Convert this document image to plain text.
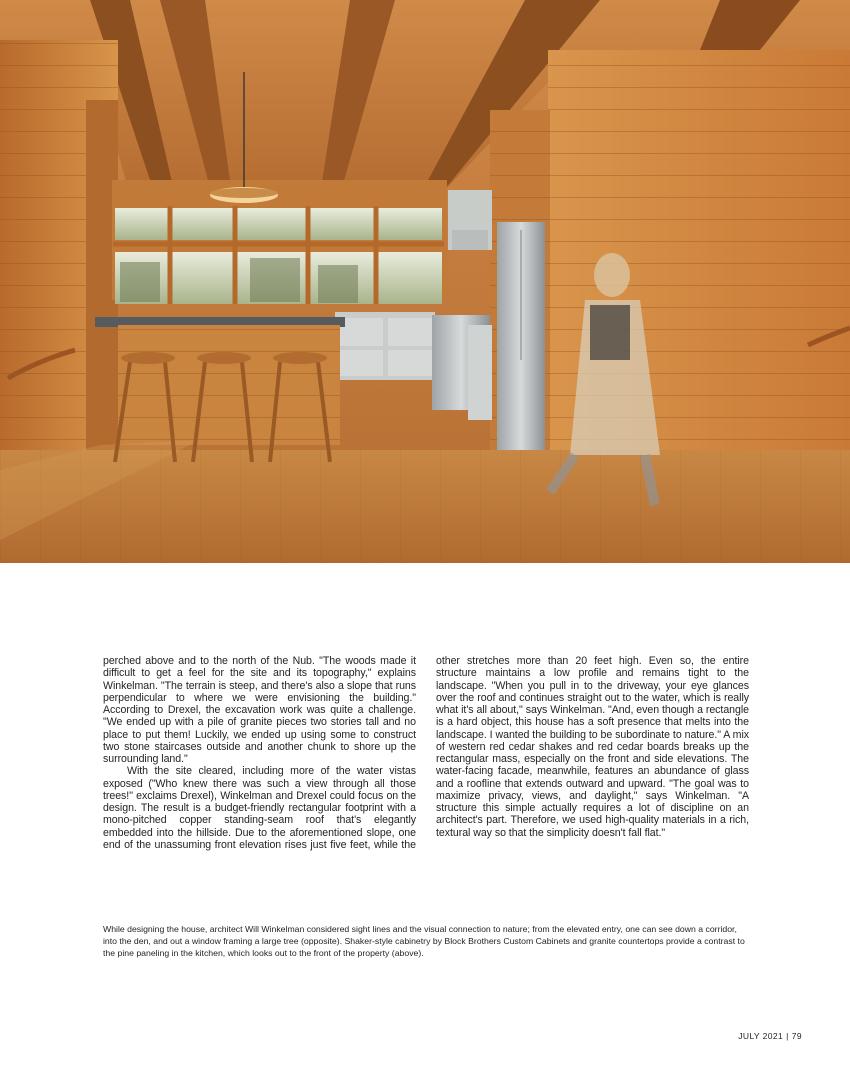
perched above and to the north of the Nub. "The woods made it difficult to get a feel for the site and its topography," explains Winkelman. "The terrain is steep, and there's also a slope that runs perpendicular to where we were envisioning the building." According to Drexel, the excavation work was quite a challenge. "We ended up with a pile of granite pieces two stories tall and no place to put them! Luckily, we ended up using some to construct two stone staircases outside and another chunk to shore up the surrounding land."

With the site cleared, including more of the water vistas exposed ("Who knew there was such a view through all those trees!" exclaims Drexel), Winkelman and Drexel could focus on the design. The result is a budget-friendly rectangular footprint with a mono-pitched copper standing-seam roof that's elegantly embedded into the hillside. Due to the aforementioned slope, one end of the unassuming front elevation rises just five feet, while the other stretches more than 20 feet high. Even so, the entire structure maintains a low profile and remains tight to the landscape. "When you pull in to the driveway, your eye glances over the roof and continues straight out to the water, which is really what it's all about," says Winkelman. "And, even though a rectangle is a hard object, this house has a soft presence that melts into the landscape. I wanted the building to be subordinate to nature." A mix of western red cedar shakes and red cedar boards breaks up the rectangular mass, especially on the front and side elevations. The water-facing facade, meanwhile, features an abundance of glass and a roofline that extends outward and upward. "The goal was to maximize privacy, views, and daylight," says Winkelman. "A structure this simple actually requires a lot of discipline on an architect's part. Therefore, we used high-quality materials in a rich, textural way so that the simplicity doesn't fall flat."

While designing the house, architect Will Winkelman considered sight lines and the visual connection to nature; from the elevated entry, one can see down a corridor, into the den, and out a window framing a large tree (opposite). Shaker-style cabinetry by Block Brothers Custom Cabinets and granite countertops provide a contrast to the pine paneling in the kitchen, which looks out to the front of the property (above).

JULY 2021 | 79
